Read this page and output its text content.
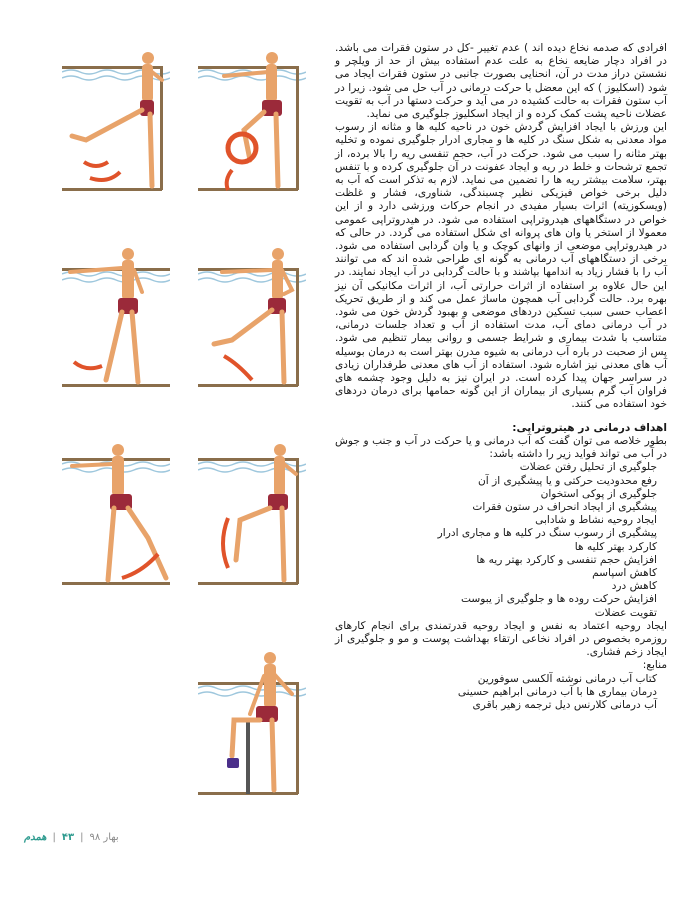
افرادی که صدمه نخاع دیده اند ) عدم تغییر -کل در ستون فقرات می باشد. در افراد دچار ضایعه نخاع به علت عدم استفاده بیش از حد از ویلچر و نشستن دراز مدت در آن، انحنایی بصورت جانبی در ستون فقرات ایجاد می شود (اسکلیوز ) که این معضل با حرکت درمانی در آب حل می شود. زیرا در آب ستون فقرات به حالت کشیده در می آید و حرکت دستها در آب به تقویت عضلات ناحیه پشت کمک کرده و از ایجاد اسکلیوز جلوگیری می نماید.

این ورزش با ایجاد افزایش گردش خون در ناحیه کلیه ها و مثانه از رسوب مواد معدنی به شکل سنگ در کلیه ها و مجاری ادرار جلوگیری نموده و تخلیه بهتر مثانه را سبب می شود. حرکت در آب، حجم تنفسی ریه را بالا برده، از تجمع ترشحات و خلط در ریه و ایجاد عفونت در آن جلوگیری کرده و با تنفس بهتر، سلامت بیشتر ریه ها را تضمین می نماید. لازم به تذکر است که آب به دلیل برخی خواص فیزیکی نظیر چسبندگی، شناوری، فشار و غلظت (ویسکوزیته) اثرات بسیار مفیدی در انجام حرکات ورزشی دارد و از این خواص در دستگاههای هیدروتراپی استفاده می شود. در هیدروتراپی عمومی معمولا از استخر یا وان های پروانه ای شکل استفاده می گردد. در حالی که در هیدروتراپی موضعی از وانهای کوچک و یا وان گردابی استفاده می شود. برخی از دستگاههای آب درمانی به گونه ای طراحی شده اند که می توانند آب را با فشار زیاد به اندامها بپاشند و با حالت گردابی در آب ایجاد نمایند. در این حال علاوه بر استفاده از اثرات حرارتی آب، از اثرات مکانیکی آن نیز بهره برد. حالت گردابی آب همچون ماساژ عمل می کند و از طریق تحریک اعصاب حسی سبب تسکین دردهای موضعی و بهبود گردش خون می شود. در آب درمانی دمای آب، مدت استفاده از آب و تعداد جلسات درمانی، متناسب با شدت بیماری و شرایط جسمی و روانی بیمار تنظیم می شود. پس از صحبت در باره آب درمانی به شیوه مدرن بهتر است به درمان بوسیله آب های معدنی نیز اشاره شود. استفاده از آب های معدنی طرفداران زیادی در سراسر جهان پیدا کرده است. در ایران نیز به دلیل وجود چشمه های فراوان آب گرم بسیاری از بیماران از این گونه حمامها برای درمان دردهای خود استفاده می کنند.

اهداف درمانی در هیتروتراپی:

بطور خلاصه می توان گفت که آب درمانی و یا حرکت در آب و جنب و جوش در آب می تواند فواید زیر را داشته باشد:

جلوگیری از تحلیل رفتن عضلات
رفع محدودیت حرکتی و یا پیشگیری از آن
جلوگیری از پوکی استخوان
پیشگیری از ایجاد انحراف در ستون فقرات
ایجاد روحیه نشاط و شادابی
پیشگیری از رسوب سنگ در کلیه ها و مجاری ادرار
کارکرد بهتر کلیه ها
افزایش حجم تنفسی و کارکرد بهتر ریه ها
کاهش اسپاسم
کاهش درد
افزایش حرکت روده ها و جلوگیری از یبوست
تقویت عضلات

ایجاد روحیه اعتماد به نفس و ایجاد روحیه قدرتمندی برای انجام کارهای روزمره بخصوص در افراد نخاعی ارتقاء بهداشت پوست و مو و جلوگیری از ایجاد زخم فشاری.

منابع:

کتاب آب درمانی نوشته آلکسی سوفورین
درمان بیماری ها با آب درمانی ابراهیم حسینی
آب درمانی کلارنس دیل ترجمه زهیر باقری
بهار ۹۸
|
۴۳
|
همدم
